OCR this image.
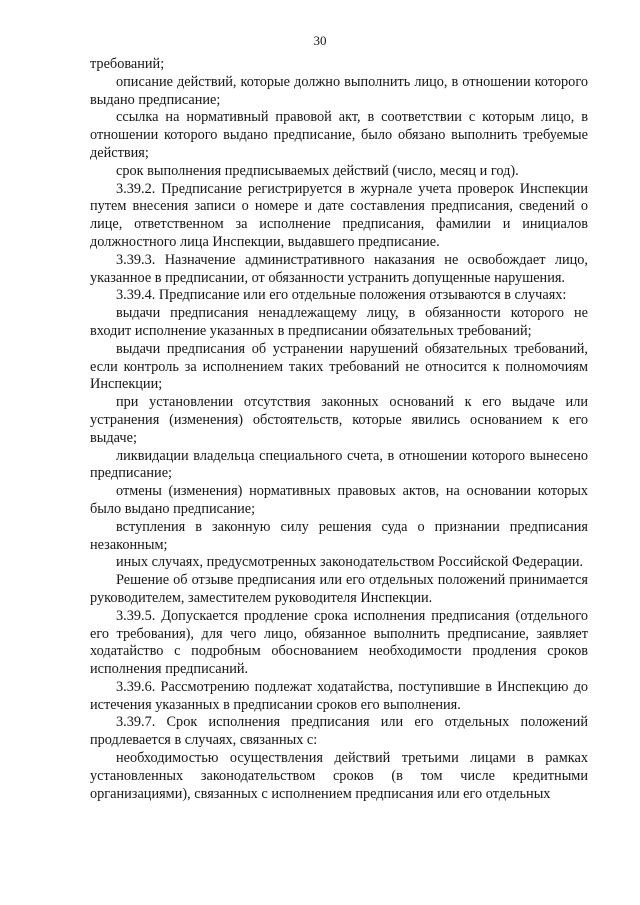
30

требований;

описание действий, которые должно выполнить лицо, в отношении которого выдано предписание;

ссылка на нормативный правовой акт, в соответствии с которым лицо, в отношении которого выдано предписание, было обязано выполнить требуемые действия;

срок выполнения предписываемых действий (число, месяц и год).

3.39.2. Предписание регистрируется в журнале учета проверок Инспекции путем внесения записи о номере и дате составления предписания, сведений о лице, ответственном за исполнение предписания, фамилии и инициалов должностного лица Инспекции, выдавшего предписание.

3.39.3. Назначение административного наказания не освобождает лицо, указанное в предписании, от обязанности устранить допущенные нарушения.

3.39.4. Предписание или его отдельные положения отзываются в случаях:

выдачи предписания ненадлежащему лицу, в обязанности которого не входит исполнение указанных в предписании обязательных требований;

выдачи предписания об устранении нарушений обязательных требований, если контроль за исполнением таких требований не относится к полномочиям Инспекции;

при установлении отсутствия законных оснований к его выдаче или устранения (изменения) обстоятельств, которые явились основанием к его выдаче;

ликвидации владельца специального счета, в отношении которого вынесено предписание;

отмены (изменения) нормативных правовых актов, на основании которых было выдано предписание;

вступления в законную силу решения суда о признании предписания незаконным;

иных случаях, предусмотренных законодательством Российской Федерации.

Решение об отзыве предписания или его отдельных положений принимается руководителем, заместителем руководителя Инспекции.

3.39.5. Допускается продление срока исполнения предписания (отдельного его требования), для чего лицо, обязанное выполнить предписание, заявляет ходатайство с подробным обоснованием необходимости продления сроков исполнения предписаний.

3.39.6. Рассмотрению подлежат ходатайства, поступившие в Инспекцию до истечения указанных в предписании сроков его выполнения.

3.39.7. Срок исполнения предписания или его отдельных положений продлевается в случаях, связанных с:

необходимостью осуществления действий третьими лицами в рамках установленных законодательством сроков (в том числе кредитными организациями), связанных с исполнением предписания или его отдельных
